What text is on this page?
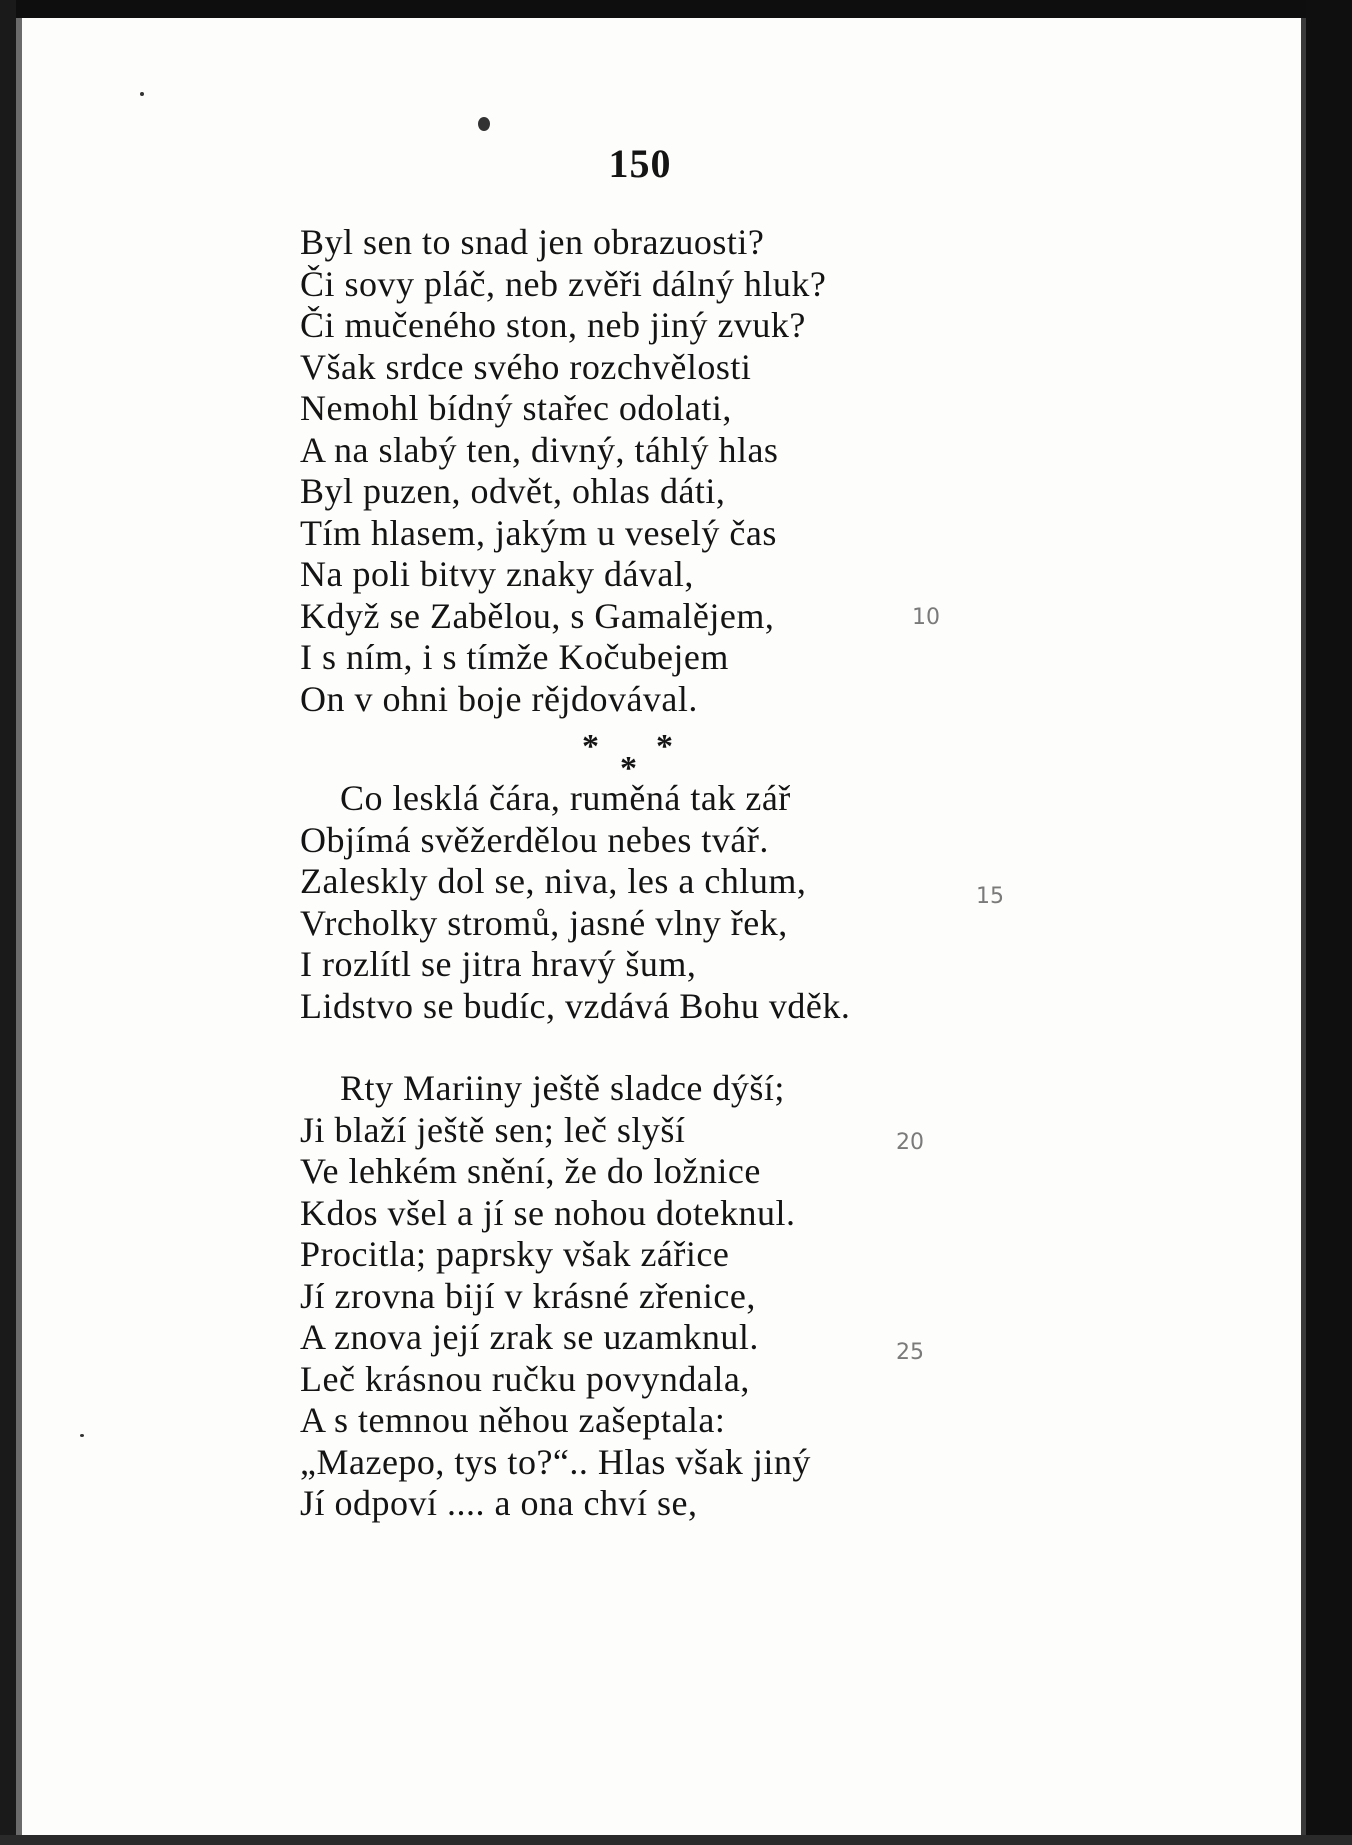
150
Byl sen to snad jen obrazuosti?
Či sovy pláč, neb zvěři dálný hluk?
Či mučeného ston, neb jiný zvuk?
Však srdce svého rozchvělosti
Nemohl bídný stařec odolati,
A na slabý ten, divný, táhlý hlas
Byl puzen, odvět, ohlas dáti,
Tím hlasem, jakým u veselý čas
Na poli bitvy znaky dával,
Když se Zabělou, s Gamalějem,
I s ním, i s tímže Kočubejem
On v ohni boje rějdovával.
* *
*
Co lesklá čára, ruměná tak zář
Objímá svěžerdělou nebes tvář.
Zaleskly dol se, niva, les a chlum,
Vrcholky stromů, jasné vlny řek,
I rozlítl se jitra hravý šum,
Lidstvo se budíc, vzdává Bohu vděk.
Rty Mariiny ještě sladce dýší;
Ji blaží ještě sen; leč slyší
Ve lehkém snění, že do ložnice
Kdos všel a jí se nohou doteknul.
Procitla; paprsky však zářice
Jí zrovna bijí v krásné zřenice,
A znova její zrak se uzamknul.
Leč krásnou ručku povyndala,
A s temnou něhou zašeptala:
„Mazepo, tys to?“.. Hlas však jiný
Jí odpoví .... a ona chví se,
10
15
20
25
